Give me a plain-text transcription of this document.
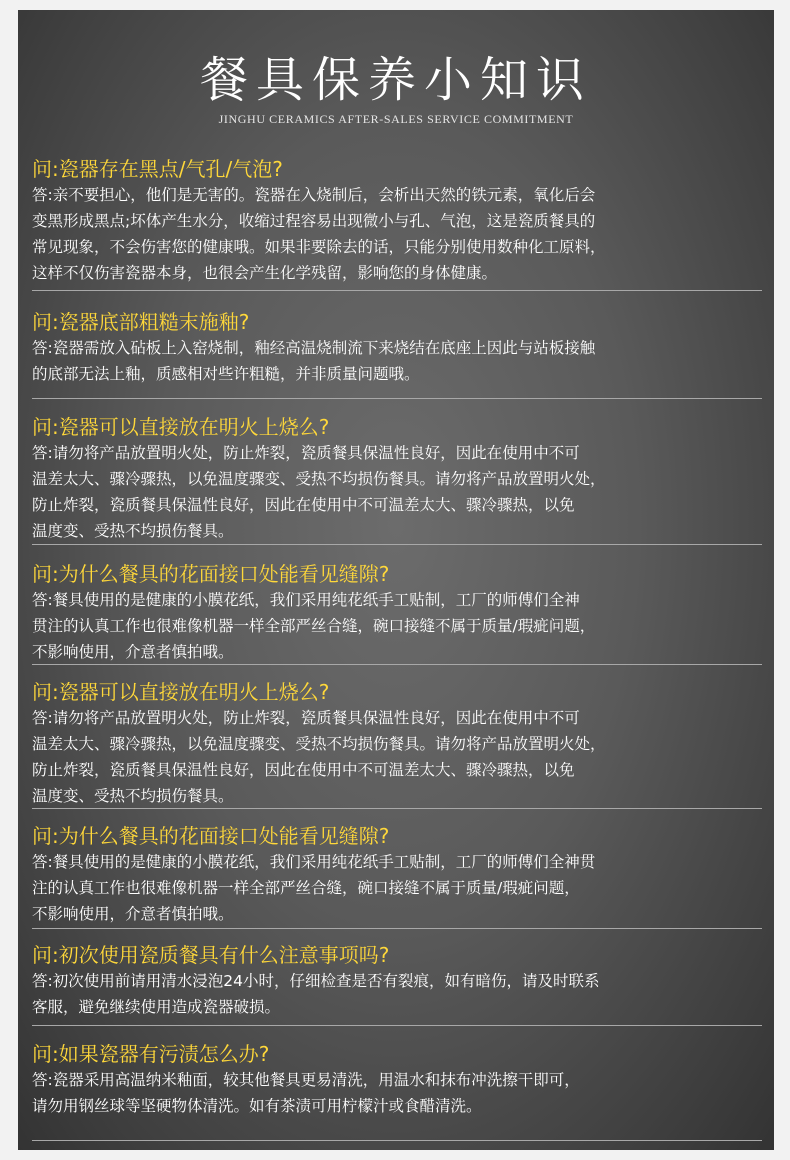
餐具保养小知识
JINGHU CERAMICS AFTER-SALES SERVICE COMMITMENT

问:瓷器存在黑点/气孔/气泡?

答:亲不要担心，他们是无害的。瓷器在入烧制后，会析出天然的铁元素，氧化后会
变黑形成黑点;坏体产生水分，收缩过程容易出现微小与孔、气泡，这是瓷质餐具的
常见现象，不会伤害您的健康哦。如果非要除去的话，只能分别使用数种化工原料，
这样不仅伤害瓷器本身，也很会产生化学残留，影响您的身体健康。

问:瓷器底部粗糙末施釉?

答:瓷器需放入砧板上入窑烧制，釉经高温烧制流下来烧结在底座上因此与站板接触
的底部无法上釉，质感相对些许粗糙，并非质量问题哦。

问:瓷器可以直接放在明火上烧么?

答:请勿将产品放置明火处，防止炸裂，瓷质餐具保温性良好，因此在使用中不可
温差太大、骤冷骤热，以免温度骤变、受热不均损伤餐具。请勿将产品放置明火处，
防止炸裂，瓷质餐具保温性良好，因此在使用中不可温差太大、骤冷骤热，以免
温度变、受热不均损伤餐具。

问:为什么餐具的花面接口处能看见缝隙?

答:餐具使用的是健康的小膜花纸，我们采用纯花纸手工贴制，工厂的师傅们全神
贯注的认真工作也很难像机器一样全部严丝合缝，碗口接缝不属于质量/瑕疵问题，
不影响使用，介意者慎拍哦。

问:瓷器可以直接放在明火上烧么?

答:请勿将产品放置明火处，防止炸裂，瓷质餐具保温性良好，因此在使用中不可
温差太大、骤冷骤热，以免温度骤变、受热不均损伤餐具。请勿将产品放置明火处，
防止炸裂，瓷质餐具保温性良好，因此在使用中不可温差太大、骤冷骤热，以免
温度变、受热不均损伤餐具。

问:为什么餐具的花面接口处能看见缝隙?

答:餐具使用的是健康的小膜花纸，我们采用纯花纸手工贴制，工厂的师傅们全神贯
注的认真工作也很难像机器一样全部严丝合缝，碗口接缝不属于质量/瑕疵问题，
不影响使用，介意者慎拍哦。

问:初次使用瓷质餐具有什么注意事项吗?

答:初次使用前请用清水浸泡24小时，仔细检查是否有裂痕，如有暗伤，请及时联系
客服，避免继续使用造成瓷器破损。

问:如果瓷器有污渍怎么办?

答:瓷器采用高温纳米釉面，较其他餐具更易清洗，用温水和抹布冲洗擦干即可，
请勿用钢丝球等坚硬物体清洗。如有茶渍可用柠檬汁或食醋清洗。
